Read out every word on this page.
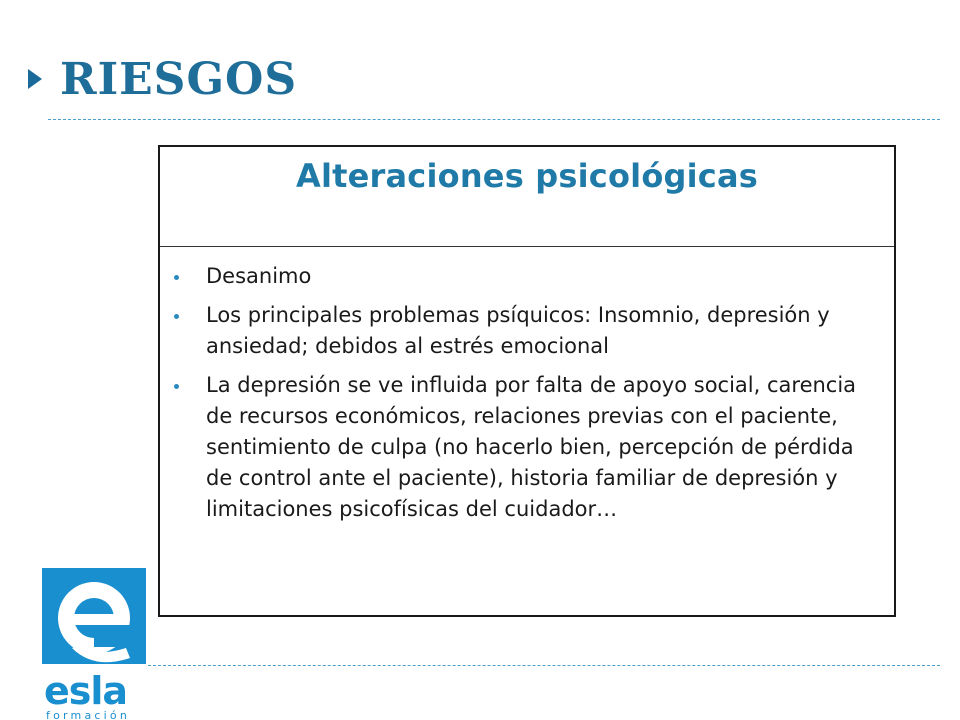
RIESGOS
Alteraciones psicológicas
Desanimo
Los principales problemas psíquicos: Insomnio, depresión y ansiedad; debidos al estrés emocional
La depresión se ve influida por falta de apoyo social, carencia de recursos económicos, relaciones previas con el paciente, sentimiento de culpa (no hacerlo bien, percepción de pérdida de control ante el paciente), historia familiar de depresión y limitaciones psicofísicas del cuidador…
esla
formación
